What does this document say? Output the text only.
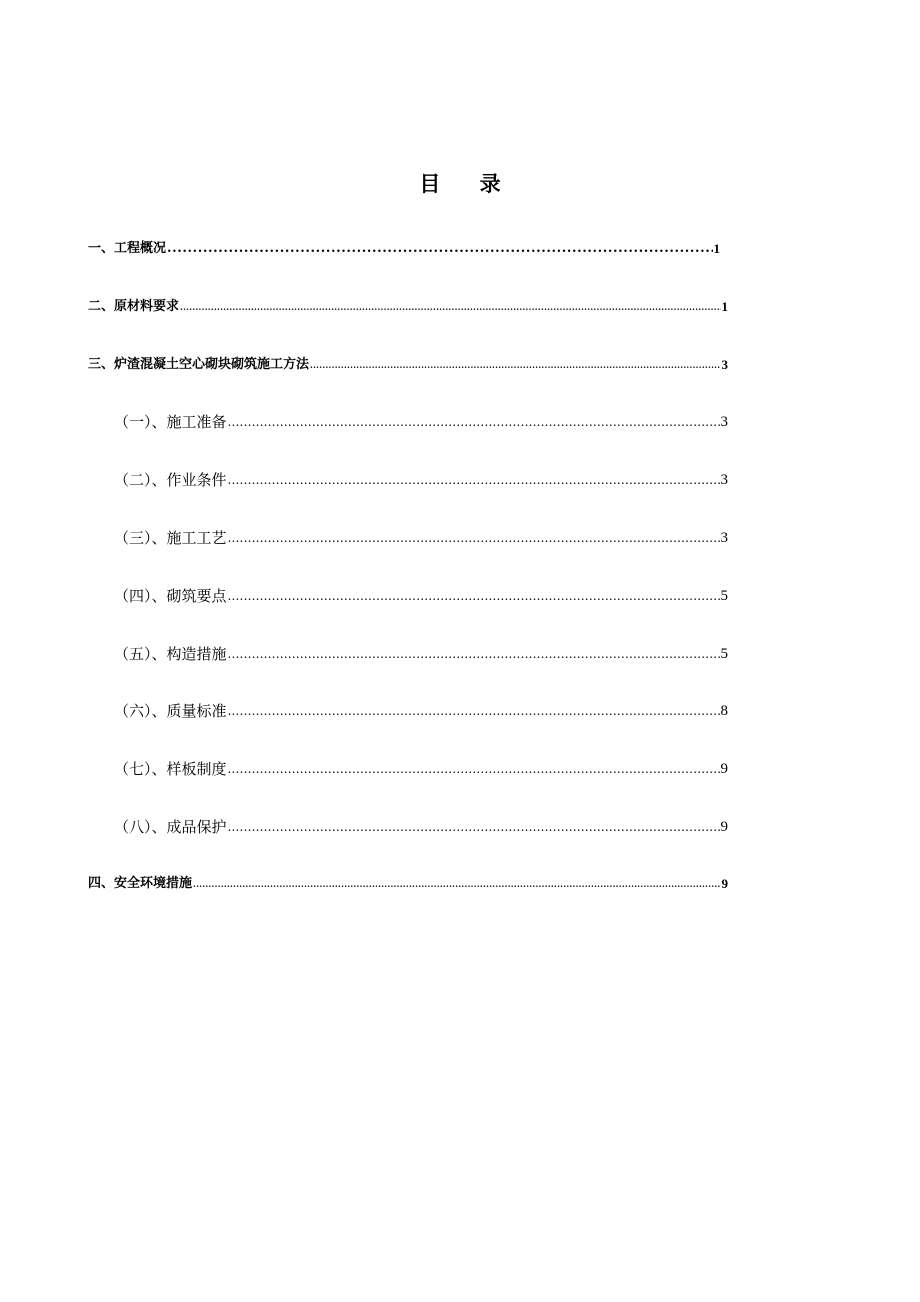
目 录
一、工程概况 .....	1
二、原材料要求 .....	1
三、炉渣混凝土空心砌块砌筑施工方法 .....	3
（一）、施工准备 .....	3
（二）、作业条件 .....	3
（三）、施工工艺 .....	3
（四）、砌筑要点 .....	5
（五）、构造措施 .....	5
（六）、质量标准 .....	8
（七）、样板制度 .....	9
（八）、成品保护 .....	9
四、安全环境措施 .....	9
